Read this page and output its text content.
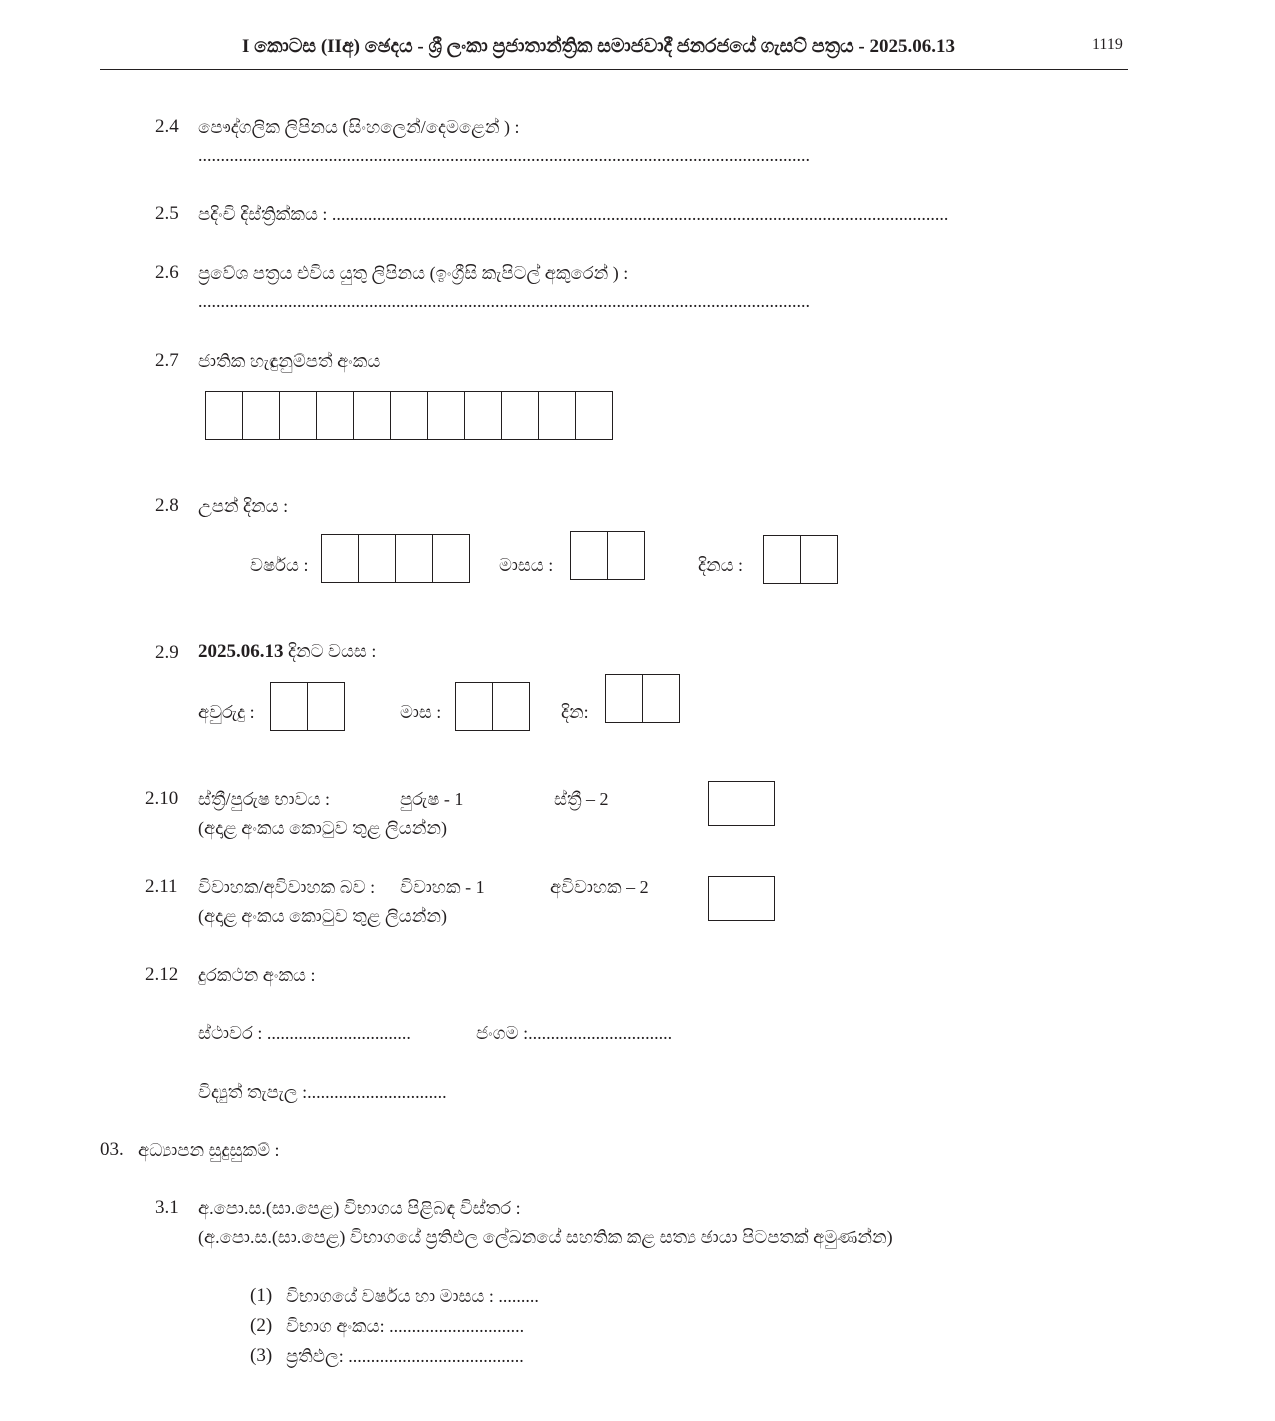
I කොටස (IIඅ) ඡෙදය - ශ්‍රී ලංකා ප්‍රජාතාන්ත්‍රික සමාජවාදී ජනරජයේ ගැසට් පත්‍රය - 2025.06.13	1119
2.4 පෞද්ගලික ලිපිනය (සිංහලෙන්/දෙමළෙන් ) :
........................................................................................................................................
2.5 පදිංචි දිස්ත්‍රික්කය : .........................................................................................................................................
2.6 ප්‍රවේශ පත්‍රය එවිය යුතු ලිපිනය (ඉංග්‍රීසි කැපිටල් අකුරෙන් ) :
........................................................................................................................................
2.7 ජාතික හැඳුනුම්පත් අංකය
2.8 උපන් දිනය :
වර්ෂය :	මාසය :	දිනය :
2.9 2025.06.13 දිනට වයස :
අවුරුදු :	මාස :	දින:
2.10 ස්ත්‍රී/පුරුෂ භාවය :	පුරුෂ - 1	ස්ත්‍රී – 2
(අදාළ අංකය කොටුව තුළ ලියන්න)
2.11 විවාහක/අවිවාහක බව : විවාහක - 1	අවිවාහක – 2
(අදාළ අංකය කොටුව තුළ ලියන්න)
2.12 දුරකථන අංකය :
ස්ථාවර : ................................	ජංගම :................................
විද්‍යුත් තැපැල :...............................
03. අධ්‍යාපන සුදුසුකම් :
3.1 අ.පො.ස.(සා.පෙළ) විභාගය පිළිබඳ විස්තර :
(අ.පො.ස.(සා.පෙළ) විභාගයේ ප්‍රතිඵල ලේඛනයේ සහතික කළ සත්‍ය ඡායා පිටපතක් අමුණන්න)
(1) විභාගයේ වර්ෂය හා මාසය : .........
(2) විභාග අංකය: ..............................
(3) ප්‍රතිඵල: .......................................
